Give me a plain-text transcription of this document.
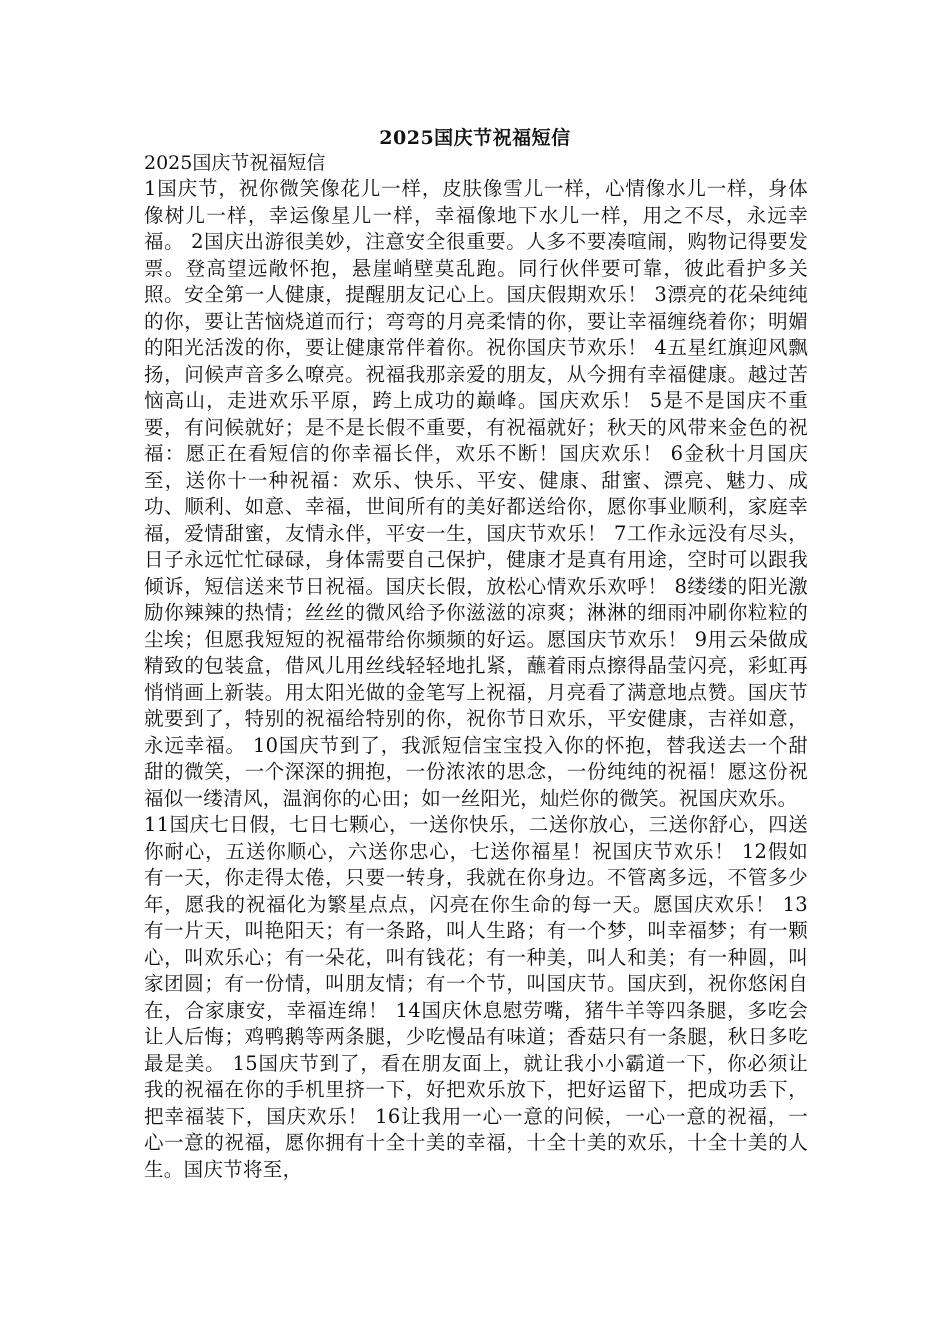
2025国庆节祝福短信
2025国庆节祝福短信

1国庆节，祝你微笑像花儿一样，皮肤像雪儿一样，心情像水儿一样，身体像树儿一样，幸运像星儿一样，幸福像地下水儿一样，用之不尽，永远幸福。 2国庆出游很美妙，注意安全很重要。人多不要凑喧闹，购物记得要发票。登高望远敞怀抱，悬崖峭壁莫乱跑。同行伙伴要可靠，彼此看护多关照。安全第一人健康，提醒朋友记心上。国庆假期欢乐！ 3漂亮的花朵纯纯的你，要让苦恼烧道而行；弯弯的月亮柔情的你，要让幸福缠绕着你；明媚的阳光活泼的你，要让健康常伴着你。祝你国庆节欢乐！ 4五星红旗迎风飘扬，问候声音多么嘹亮。祝福我那亲爱的朋友，从今拥有幸福健康。越过苦恼高山，走进欢乐平原，跨上成功的巅峰。国庆欢乐！ 5是不是国庆不重要，有问候就好；是不是长假不重要，有祝福就好；秋天的风带来金色的祝福：愿正在看短信的你幸福长伴，欢乐不断！国庆欢乐！ 6金秋十月国庆至，送你十一种祝福：欢乐、快乐、平安、健康、甜蜜、漂亮、魅力、成功、顺利、如意、幸福，世间所有的美好都送给你，愿你事业顺利，家庭幸福，爱情甜蜜，友情永伴，平安一生，国庆节欢乐！ 7工作永远没有尽头，日子永远忙忙碌碌，身体需要自己保护，健康才是真有用途，空时可以跟我倾诉，短信送来节日祝福。国庆长假，放松心情欢乐欢呼！ 8缕缕的阳光激励你辣辣的热情；丝丝的微风给予你滋滋的凉爽；淋淋的细雨冲刷你粒粒的尘埃；但愿我短短的祝福带给你频频的好运。愿国庆节欢乐！ 9用云朵做成精致的包装盒，借风儿用丝线轻轻地扎紧，蘸着雨点擦得晶莹闪亮，彩虹再悄悄画上新装。用太阳光做的金笔写上祝福，月亮看了满意地点赞。国庆节就要到了，特别的祝福给特别的你，祝你节日欢乐，平安健康，吉祥如意，永远幸福。 10国庆节到了，我派短信宝宝投入你的怀抱，替我送去一个甜甜的微笑，一个深深的拥抱，一份浓浓的思念，一份纯纯的祝福！愿这份祝福似一缕清风，温润你的心田；如一丝阳光，灿烂你的微笑。祝国庆欢乐。

11国庆七日假，七日七颗心，一送你快乐，二送你放心，三送你舒心，四送你耐心，五送你顺心，六送你忠心，七送你福星！祝国庆节欢乐！ 12假如有一天，你走得太倦，只要一转身，我就在你身边。不管离多远，不管多少年，愿我的祝福化为繁星点点，闪亮在你生命的每一天。愿国庆欢乐！ 13有一片天，叫艳阳天；有一条路，叫人生路；有一个梦，叫幸福梦；有一颗心，叫欢乐心；有一朵花，叫有钱花；有一种美，叫人和美；有一种圆，叫家团圆；有一份情，叫朋友情；有一个节，叫国庆节。国庆到，祝你悠闲自在，合家康安，幸福连绵！ 14国庆休息慰劳嘴，猪牛羊等四条腿，多吃会让人后悔；鸡鸭鹅等两条腿，少吃慢品有味道；香菇只有一条腿，秋日多吃最是美。 15国庆节到了，看在朋友面上，就让我小小霸道一下，你必须让我的祝福在你的手机里挤一下，好把欢乐放下，把好运留下，把成功丢下，把幸福装下，国庆欢乐！ 16让我用一心一意的问候，一心一意的祝福，一心一意的祝福，愿你拥有十全十美的幸福，十全十美的欢乐，十全十美的人生。国庆节将至，
